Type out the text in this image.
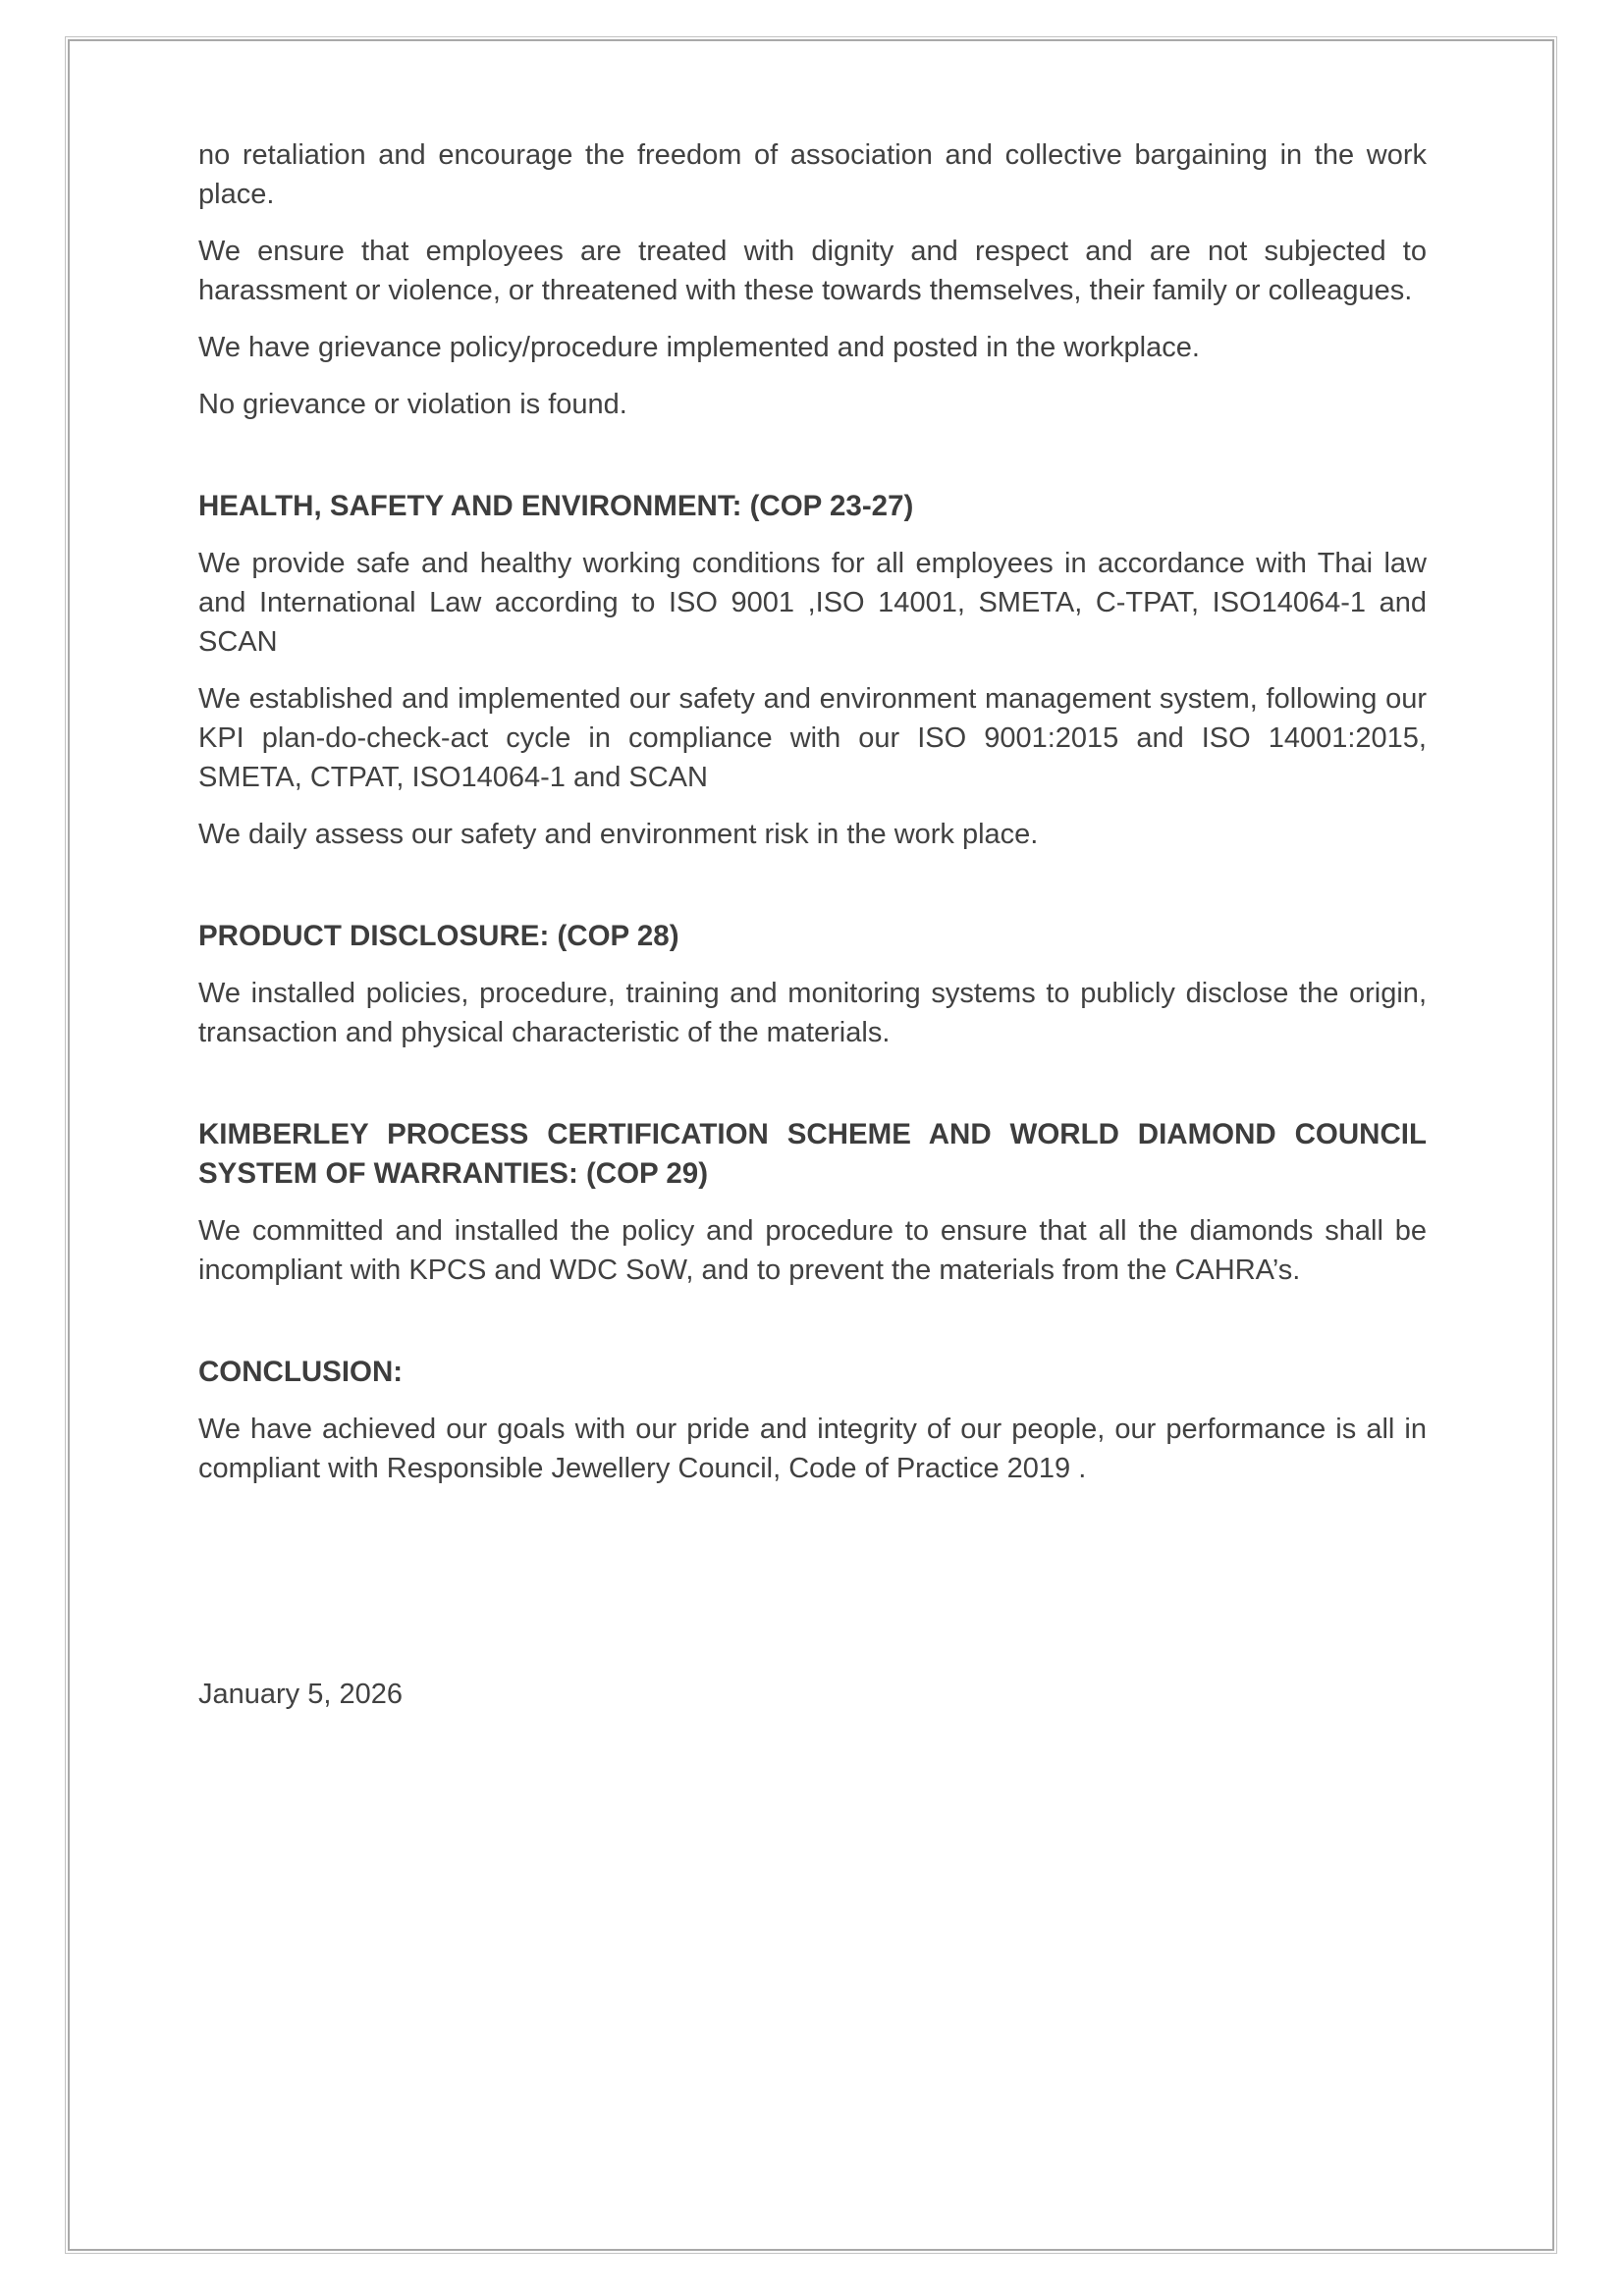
no retaliation and encourage the freedom of association and collective bargaining in the work place.

We ensure that employees are treated with dignity and respect and are not subjected to harassment or violence, or threatened with these towards themselves, their family or colleagues.

We have grievance policy/procedure implemented and posted in the workplace.

No grievance or violation is found.

HEALTH, SAFETY AND ENVIRONMENT: (COP 23-27)

We provide safe and healthy working conditions for all employees in accordance with Thai law and International Law according to ISO 9001 ,ISO 14001, SMETA, C-TPAT, ISO14064-1 and SCAN

We established and implemented our safety and environment management system, following our KPI plan-do-check-act cycle in compliance with our ISO 9001:2015 and ISO 14001:2015, SMETA, CTPAT, ISO14064-1 and SCAN

We daily assess our safety and environment risk in the work place.

PRODUCT DISCLOSURE: (COP 28)

We installed policies, procedure, training and monitoring systems to publicly disclose the origin, transaction and physical characteristic of the materials.

KIMBERLEY PROCESS CERTIFICATION SCHEME AND WORLD DIAMOND COUNCIL SYSTEM OF WARRANTIES: (COP 29)

We committed and installed the policy and procedure to ensure that all the diamonds shall be incompliant with KPCS and WDC SoW, and to prevent the materials from the CAHRA’s.

CONCLUSION:

We have achieved our goals with our pride and integrity of our people, our performance is all in compliant with Responsible Jewellery Council, Code of Practice 2019 .

January 5, 2026
